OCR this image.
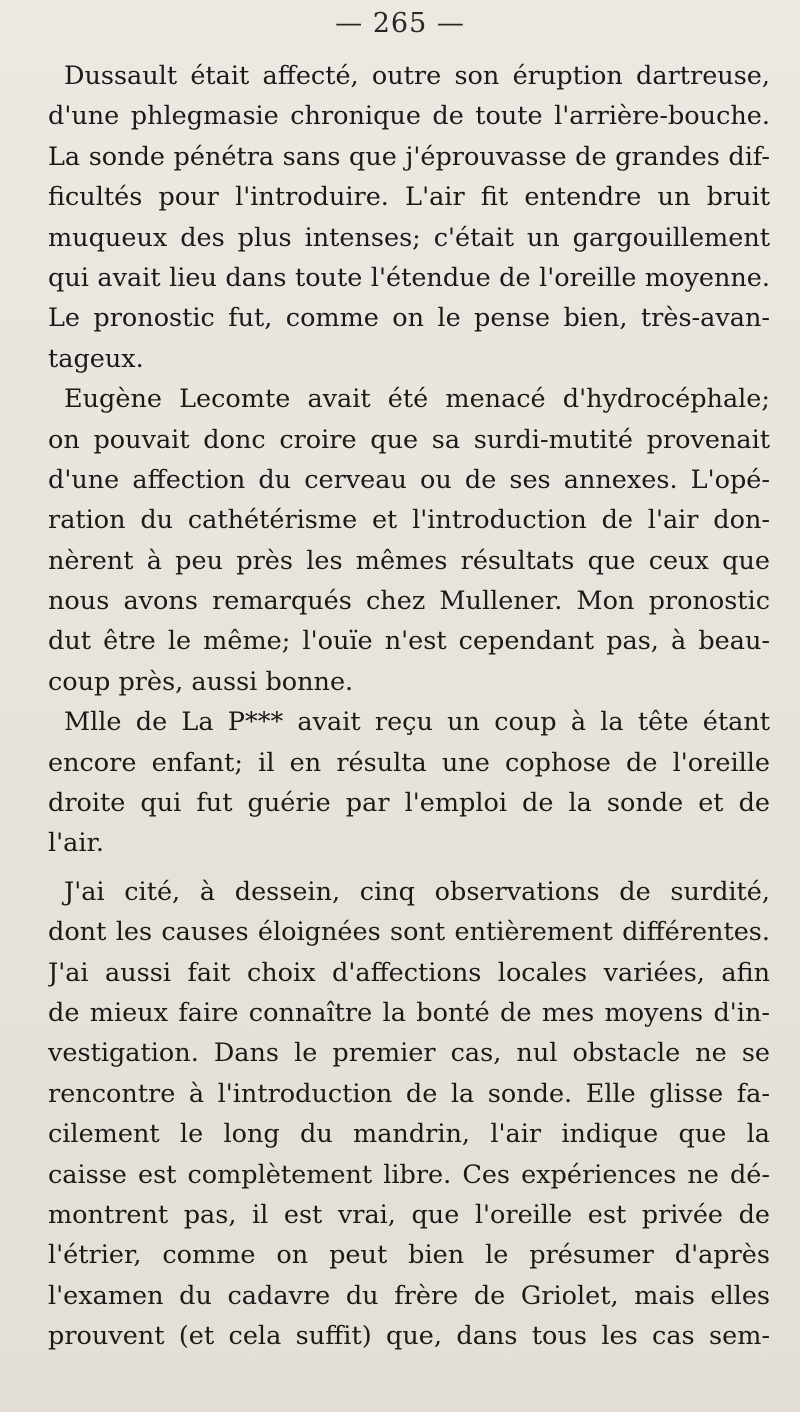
— 265 —
Dussault était affecté, outre son éruption dartreuse,
d'une phlegmasie chronique de toute l'arrière-bouche.
La sonde pénétra sans que j'éprouvasse de grandes dif-
ficultés pour l'introduire. L'air fit entendre un bruit
muqueux des plus intenses; c'était un gargouillement
qui avait lieu dans toute l'étendue de l'oreille moyenne.
Le pronostic fut, comme on le pense bien, très-avan-
tageux.
Eugène Lecomte avait été menacé d'hydrocéphale;
on pouvait donc croire que sa surdi-mutité provenait
d'une affection du cerveau ou de ses annexes. L'opé-
ration du cathétérisme et l'introduction de l'air don-
nèrent à peu près les mêmes résultats que ceux que
nous avons remarqués chez Mullener. Mon pronostic
dut être le même; l'ouïe n'est cependant pas, à beau-
coup près, aussi bonne.
Mlle de La P*** avait reçu un coup à la tête étant
encore enfant; il en résulta une cophose de l'oreille
droite qui fut guérie par l'emploi de la sonde et de
l'air.
J'ai cité, à dessein, cinq observations de surdité,
dont les causes éloignées sont entièrement différentes.
J'ai aussi fait choix d'affections locales variées, afin
de mieux faire connaître la bonté de mes moyens d'in-
vestigation. Dans le premier cas, nul obstacle ne se
rencontre à l'introduction de la sonde. Elle glisse fa-
cilement le long du mandrin, l'air indique que la
caisse est complètement libre. Ces expériences ne dé-
montrent pas, il est vrai, que l'oreille est privée de
l'étrier, comme on peut bien le présumer d'après
l'examen du cadavre du frère de Griolet, mais elles
prouvent (et cela suffit) que, dans tous les cas sem-
